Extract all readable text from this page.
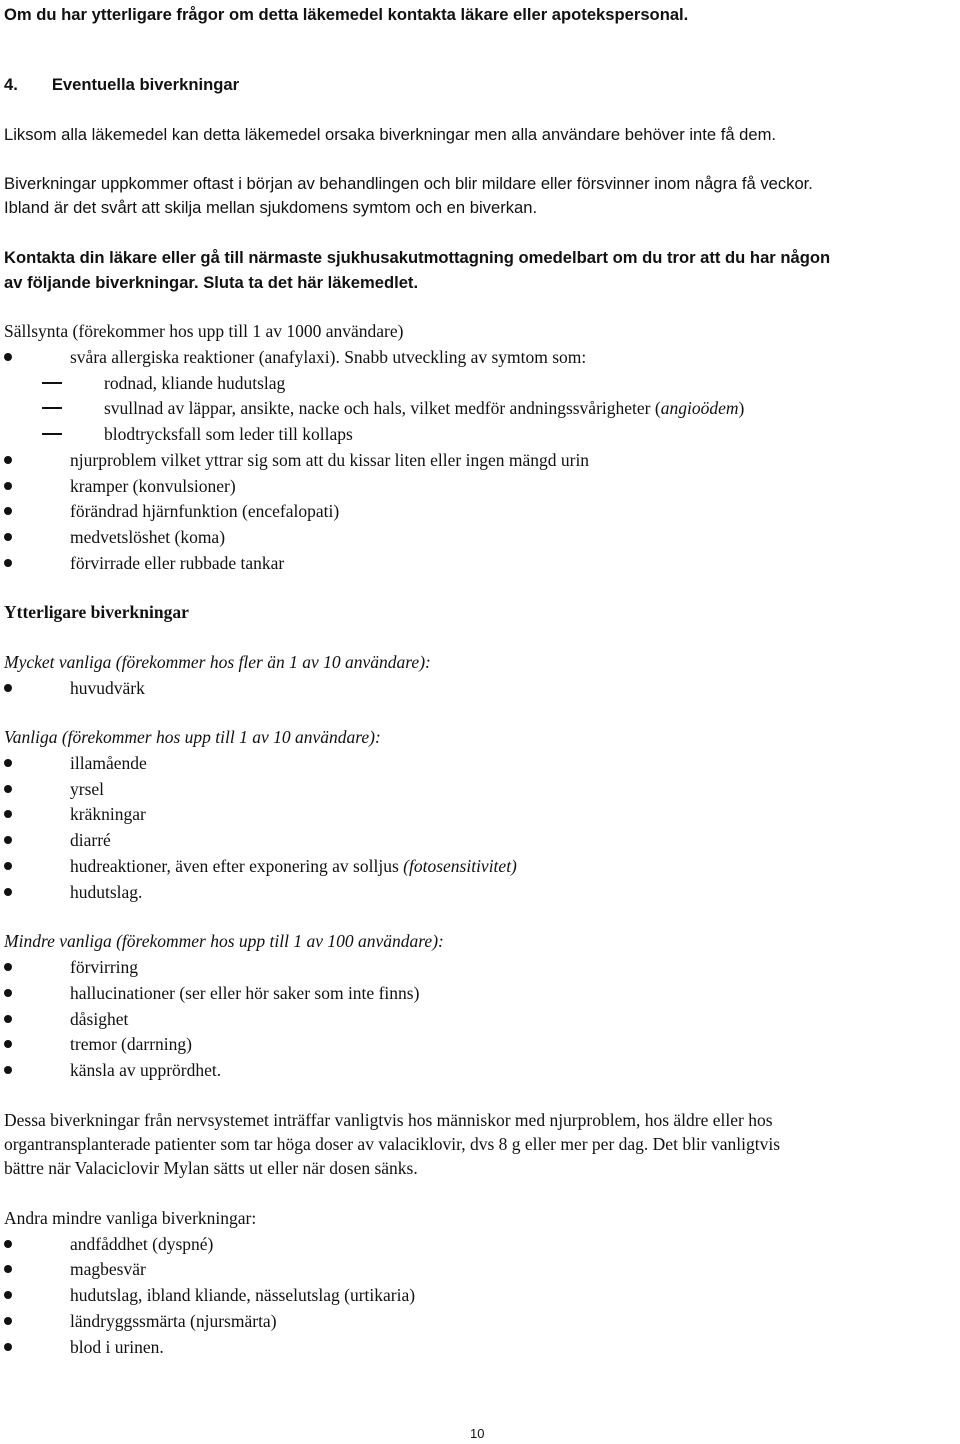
Om du har ytterligare frågor om detta läkemedel kontakta läkare eller apotekspersonal.
4. Eventuella biverkningar
Liksom alla läkemedel kan detta läkemedel orsaka biverkningar men alla användare behöver inte få dem.
Biverkningar uppkommer oftast i början av behandlingen och blir mildare eller försvinner inom några få veckor.
Ibland är det svårt att skilja mellan sjukdomens symtom och en biverkan.
Kontakta din läkare eller gå till närmaste sjukhusakutmottagning omedelbart om du tror att du har någon
av följande biverkningar. Sluta ta det här läkemedlet.
Sällsynta (förekommer hos upp till 1 av 1000 användare)
svåra allergiska reaktioner (anafylaxi). Snabb utveckling av symtom som:
rodnad, kliande hudutslag
svullnad av läppar, ansikte, nacke och hals, vilket medför andningssvårigheter (angioödem)
blodtrycksfall som leder till kollaps
njurproblem vilket yttrar sig som att du kissar liten eller ingen mängd urin
kramper (konvulsioner)
förändrad hjärnfunktion (encefalopati)
medvetslöshet (koma)
förvirrade eller rubbade tankar
Ytterligare biverkningar
Mycket vanliga (förekommer hos fler än 1 av 10 användare):
huvudvärk
Vanliga (förekommer hos upp till 1 av 10 användare):
illamående
yrsel
kräkningar
diarré
hudreaktioner, även efter exponering av solljus (fotosensitivitet)
hudutslag.
Mindre vanliga (förekommer hos upp till 1 av 100 användare):
förvirring
hallucinationer (ser eller hör saker som inte finns)
dåsighet
tremor (darrning)
känsla av upprördhet.
Dessa biverkningar från nervsystemet inträffar vanligtvis hos människor med njurproblem, hos äldre eller hos
organtransplanterade patienter som tar höga doser av valaciklovir, dvs 8 g eller mer per dag. Det blir vanligtvis
bättre när Valaciclovir Mylan sätts ut eller när dosen sänks.
Andra mindre vanliga biverkningar:
andfåddhet (dyspné)
magbesvär
hudutslag, ibland kliande, nässelutslag (urtikaria)
ländryggssmärta (njursmärta)
blod i urinen.
10
